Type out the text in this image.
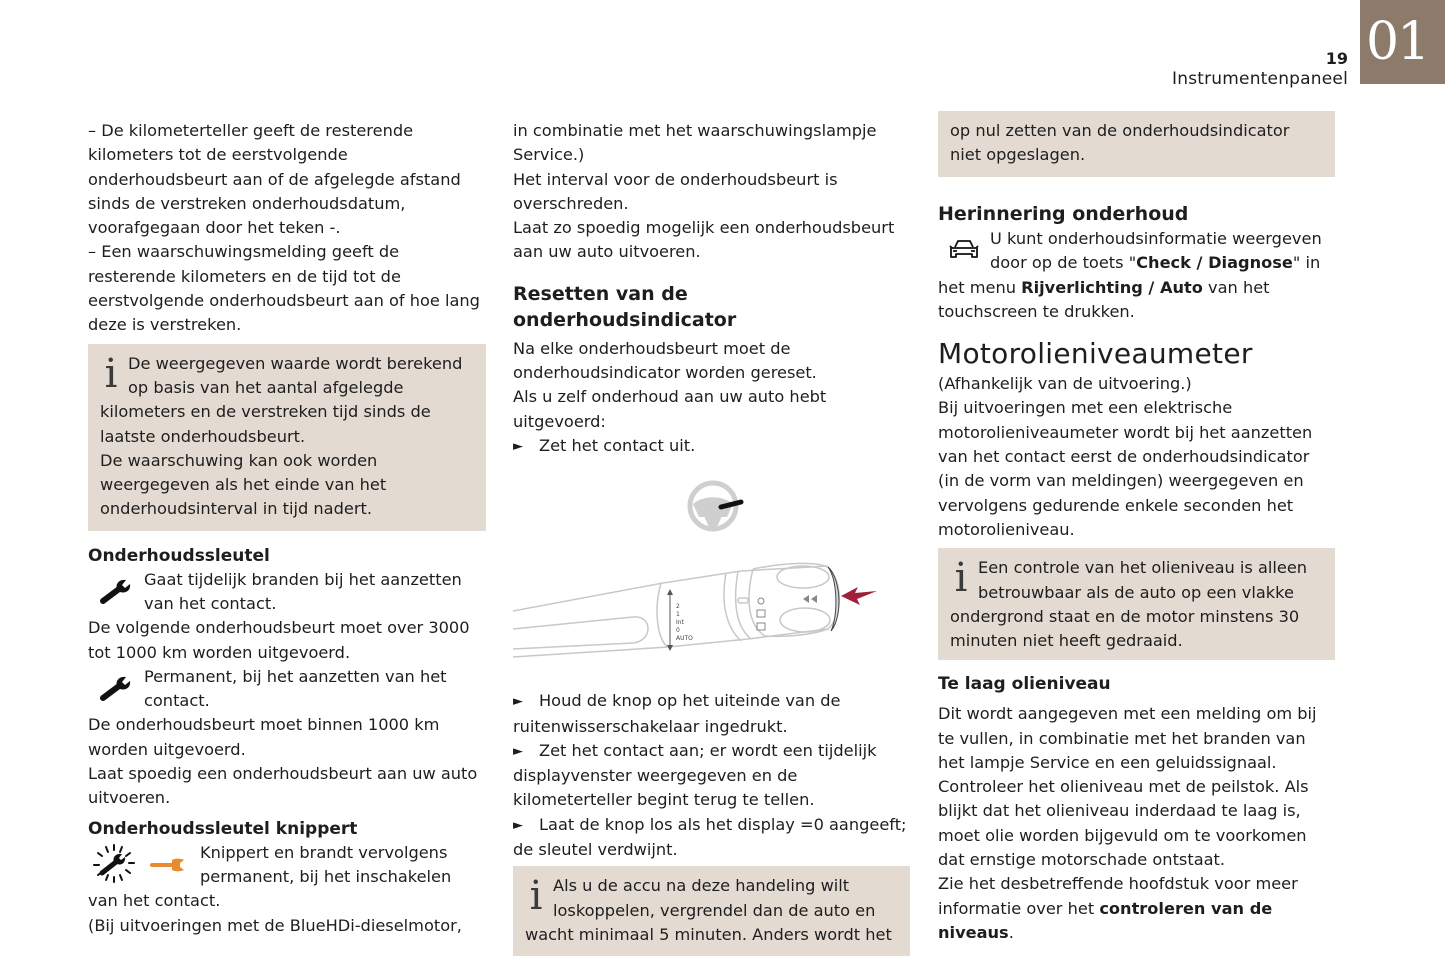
19
Instrumentenpaneel
01

– De kilometerteller geeft de resterende kilometers tot de eerstvolgende onderhoudsbeurt aan of de afgelegde afstand sinds de verstreken onderhoudsdatum, voorafgegaan door het teken -.

– Een waarschuwingsmelding geeft de resterende kilometers en de tijd tot de eerstvolgende onderhoudsbeurt aan of hoe lang deze is verstreken.

i De weergegeven waarde wordt berekend op basis van het aantal afgelegde kilometers en de verstreken tijd sinds de laatste onderhoudsbeurt.

De waarschuwing kan ook worden weergegeven als het einde van het onderhoudsinterval in tijd nadert.

Onderhoudssleutel

Gaat tijdelijk branden bij het aanzetten van het contact.

De volgende onderhoudsbeurt moet over 3000 tot 1000 km worden uitgevoerd.

Permanent, bij het aanzetten van het contact.

De onderhoudsbeurt moet binnen 1000 km worden uitgevoerd.

Laat spoedig een onderhoudsbeurt aan uw auto uitvoeren.

Onderhoudssleutel knippert

Knippert en brandt vervolgens permanent, bij het inschakelen van het contact.

(Bij uitvoeringen met de BlueHDi-dieselmotor,

in combinatie met het waarschuwingslampje Service.)

Het interval voor de onderhoudsbeurt is overschreden.

Laat zo spoedig mogelijk een onderhoudsbeurt aan uw auto uitvoeren.

Resetten van de onderhoudsindicator

Na elke onderhoudsbeurt moet de onderhoudsindicator worden gereset.

Als u zelf onderhoud aan uw auto hebt uitgevoerd:

► Zet het contact uit.

2
1
Int
0
AUTO

► Houd de knop op het uiteinde van de ruitenwisserschakelaar ingedrukt.

► Zet het contact aan; er wordt een tijdelijk displayvenster weergegeven en de kilometerteller begint terug te tellen.

► Laat de knop los als het display =0 aangeeft; de sleutel verdwijnt.

i Als u de accu na deze handeling wilt loskoppelen, vergrendel dan de auto en wacht minimaal 5 minuten. Anders wordt het

op nul zetten van de onderhoudsindicator niet opgeslagen.

Herinnering onderhoud

U kunt onderhoudsinformatie weergeven door op de toets "Check / Diagnose" in het menu Rijverlichting / Auto van het touchscreen te drukken.

Motorolieniveaumeter

(Afhankelijk van de uitvoering.)

Bij uitvoeringen met een elektrische motorolieniveaumeter wordt bij het aanzetten van het contact eerst de onderhoudsindicator (in de vorm van meldingen) weergegeven en vervolgens gedurende enkele seconden het motorolieniveau.

i Een controle van het olieniveau is alleen betrouwbaar als de auto op een vlakke ondergrond staat en de motor minstens 30 minuten niet heeft gedraaid.

Te laag olieniveau

Dit wordt aangegeven met een melding om bij te vullen, in combinatie met het branden van het lampje Service en een geluidssignaal.

Controleer het olieniveau met de peilstok. Als blijkt dat het olieniveau inderdaad te laag is, moet olie worden bijgevuld om te voorkomen dat ernstige motorschade ontstaat.

Zie het desbetreffende hoofdstuk voor meer informatie over het controleren van de niveaus.
